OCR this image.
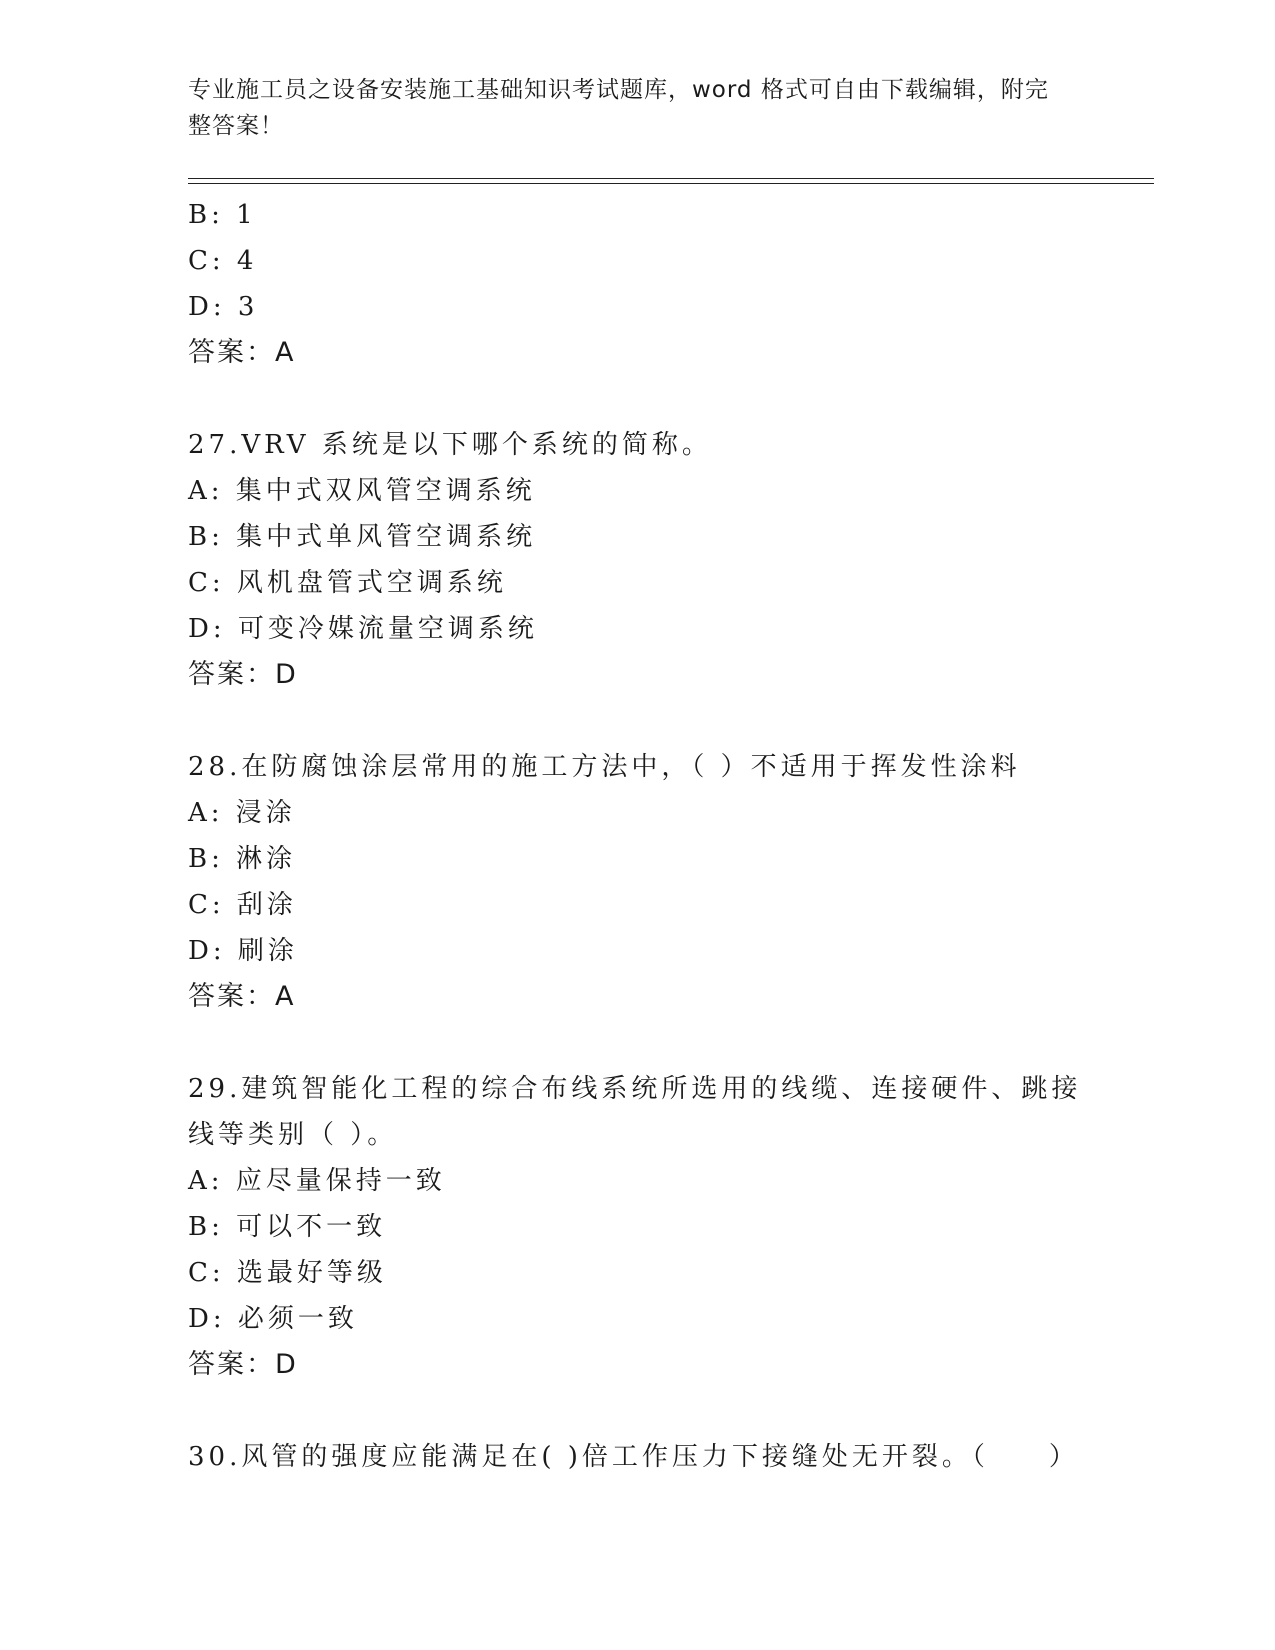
专业施工员之设备安装施工基础知识考试题库，word 格式可自由下载编辑，附完整答案！
B: 1
C: 4
D: 3
答案：A
27.VRV 系统是以下哪个系统的简称。
A: 集中式双风管空调系统
B: 集中式单风管空调系统
C: 风机盘管式空调系统
D: 可变冷媒流量空调系统
答案：D
28.在防腐蚀涂层常用的施工方法中，（ ）不适用于挥发性涂料
A: 浸涂
B: 淋涂
C: 刮涂
D: 刷涂
答案：A
29.建筑智能化工程的综合布线系统所选用的线缆、连接硬件、跳接线等类别（ ）。
A: 应尽量保持一致
B: 可以不一致
C: 选最好等级
D: 必须一致
答案：D
30.风管的强度应能满足在( )倍工作压力下接缝处无开裂。（　　）
